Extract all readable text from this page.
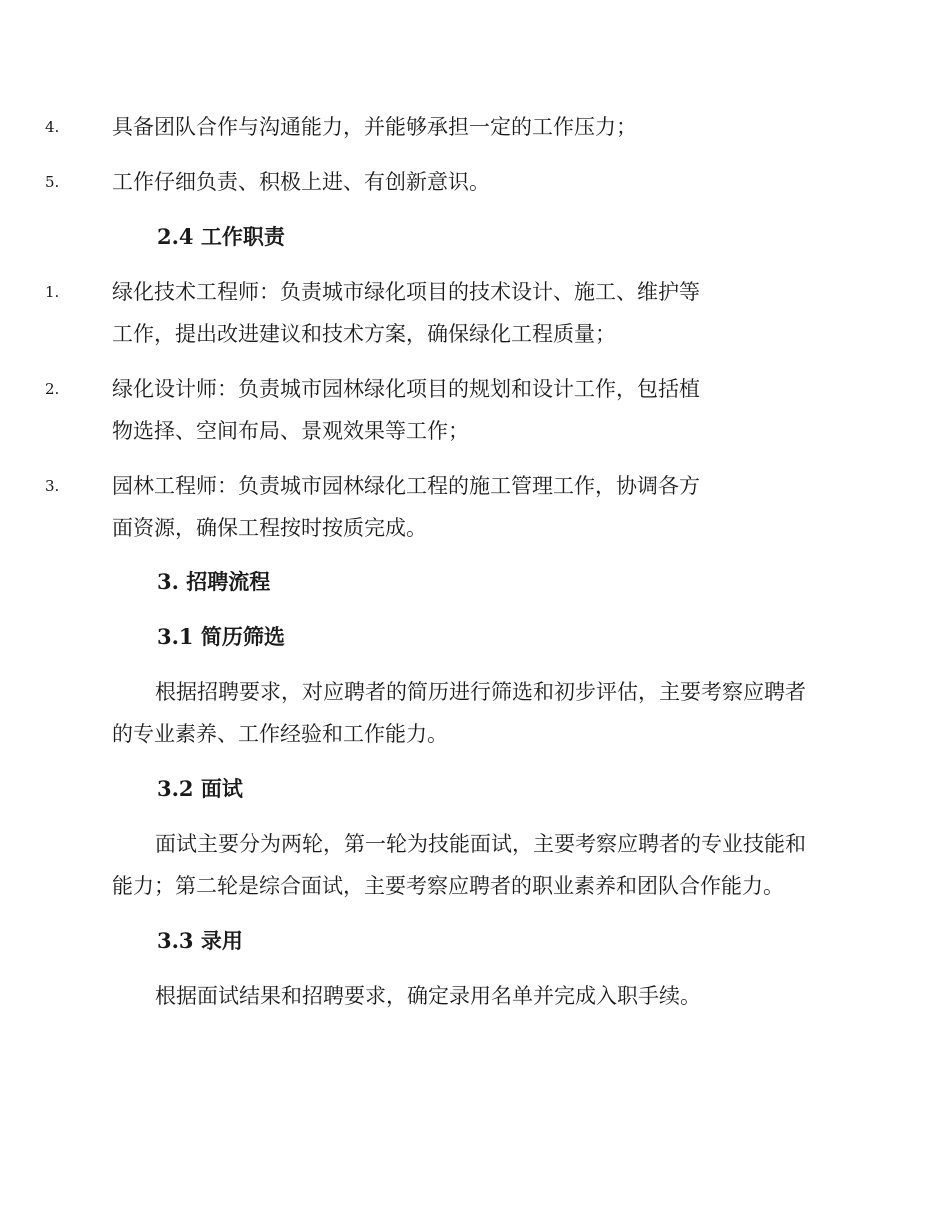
4.	具备团队合作与沟通能力，并能够承担一定的工作压力；
5.	工作仔细负责、积极上进、有创新意识。
2.4 工作职责
1.	绿化技术工程师：负责城市绿化项目的技术设计、施工、维护等
工作，提出改进建议和技术方案，确保绿化工程质量；
2.	绿化设计师：负责城市园林绿化项目的规划和设计工作，包括植
物选择、空间布局、景观效果等工作；
3.	园林工程师：负责城市园林绿化工程的施工管理工作，协调各方
面资源，确保工程按时按质完成。
3. 招聘流程
3.1 简历筛选
根据招聘要求，对应聘者的简历进行筛选和初步评估，主要考察应聘者
的专业素养、工作经验和工作能力。
3.2 面试
面试主要分为两轮，第一轮为技能面试，主要考察应聘者的专业技能和
能力；第二轮是综合面试，主要考察应聘者的职业素养和团队合作能力。
3.3 录用
根据面试结果和招聘要求，确定录用名单并完成入职手续。
